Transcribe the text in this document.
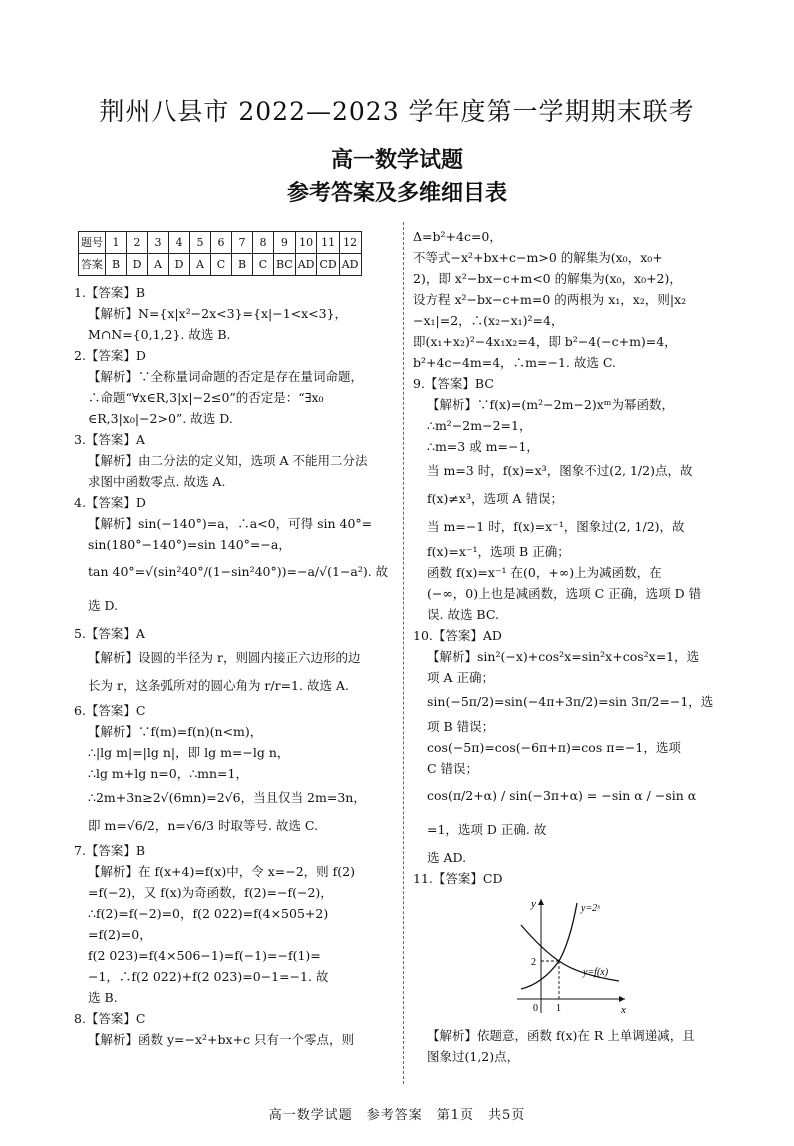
荆州八县市 2022—2023 学年度第一学期期末联考
高一数学试题
参考答案及多维细目表
题号	1	2	3	4	5	6	7	8	9	10	11	12
答案	B	D	A	D	A	C	B	C	BC	AD	CD	AD

1.【答案】B

【解析】N={x|x²−2x<3}={x|−1<x<3}，

M∩N={0,1,2}. 故选 B.

2.【答案】D

【解析】∵全称量词命题的否定是存在量词命题，

∴命题“∀x∈R,3|x|−2≤0”的否定是：“∃x₀

∈R,3|x₀|−2>0”. 故选 D.

3.【答案】A

【解析】由二分法的定义知，选项 A 不能用二分法

求图中函数零点. 故选 A.

4.【答案】D

【解析】sin(−140°)=a，∴a<0，可得 sin 40°=

sin(180°−140°)=sin 140°=−a，

tan 40°=√(sin²40°/(1−sin²40°))=−a/√(1−a²). 故选 D.

5.【答案】A

【解析】设圆的半径为 r，则圆内接正六边形的边

长为 r，这条弧所对的圆心角为 r/r=1. 故选 A.

6.【答案】C

【解析】∵f(m)=f(n)(n<m)，

∴|lg m|=|lg n|，即 lg m=−lg n，

∴lg m+lg n=0，∴mn=1，

∴2m+3n≥2√(6mn)=2√6，当且仅当 2m=3n，

即 m=√6/2，n=√6/3 时取等号. 故选 C.

7.【答案】B

【解析】在 f(x+4)=f(x)中，令 x=−2，则 f(2)

=f(−2)，又 f(x)为奇函数，f(2)=−f(−2)，

∴f(2)=f(−2)=0，f(2 022)=f(4×505+2)

=f(2)=0，

f(2 023)=f(4×506−1)=f(−1)=−f(1)=

−1，∴f(2 022)+f(2 023)=0−1=−1. 故

选 B.

8.【答案】C

【解析】函数 y=−x²+bx+c 只有一个零点，则

Δ=b²+4c=0，

不等式−x²+bx+c−m>0 的解集为(x₀，x₀+

2)，即 x²−bx−c+m<0 的解集为(x₀，x₀+2)，

设方程 x²−bx−c+m=0 的两根为 x₁，x₂，则|x₂

−x₁|=2，∴(x₂−x₁)²=4，

即(x₁+x₂)²−4x₁x₂=4，即 b²−4(−c+m)=4，

b²+4c−4m=4，∴m=−1. 故选 C.

9.【答案】BC

【解析】∵f(x)=(m²−2m−2)xᵐ为幂函数，

∴m²−2m−2=1，

∴m=3 或 m=−1，

当 m=3 时，f(x)=x³，图象不过(2, 1/2)点，故

f(x)≠x³，选项 A 错误；

当 m=−1 时，f(x)=x⁻¹，图象过(2, 1/2)，故

f(x)=x⁻¹，选项 B 正确；

函数 f(x)=x⁻¹ 在(0，+∞)上为减函数，在

(−∞，0)上也是减函数，选项 C 正确，选项 D 错

误. 故选 BC.

10.【答案】AD

【解析】sin²(−x)+cos²x=sin²x+cos²x=1，选

项 A 正确；

sin(−5π/2)=sin(−4π+3π/2)=sin 3π/2=−1，选

项 B 错误；

cos(−5π)=cos(−6π+π)=cos π=−1，选项

C 错误；

cos(π/2+α) / sin(−3π+α) = −sin α / −sin α =1，选项 D 正确. 故

选 AD.

11.【答案】CD

y
x
y=2ˣ
y=f(x)
2
0 1

【解析】依题意，函数 f(x)在 R 上单调递减，且

图象过(1,2)点，

高一数学试题　参考答案　第1页　共5页
